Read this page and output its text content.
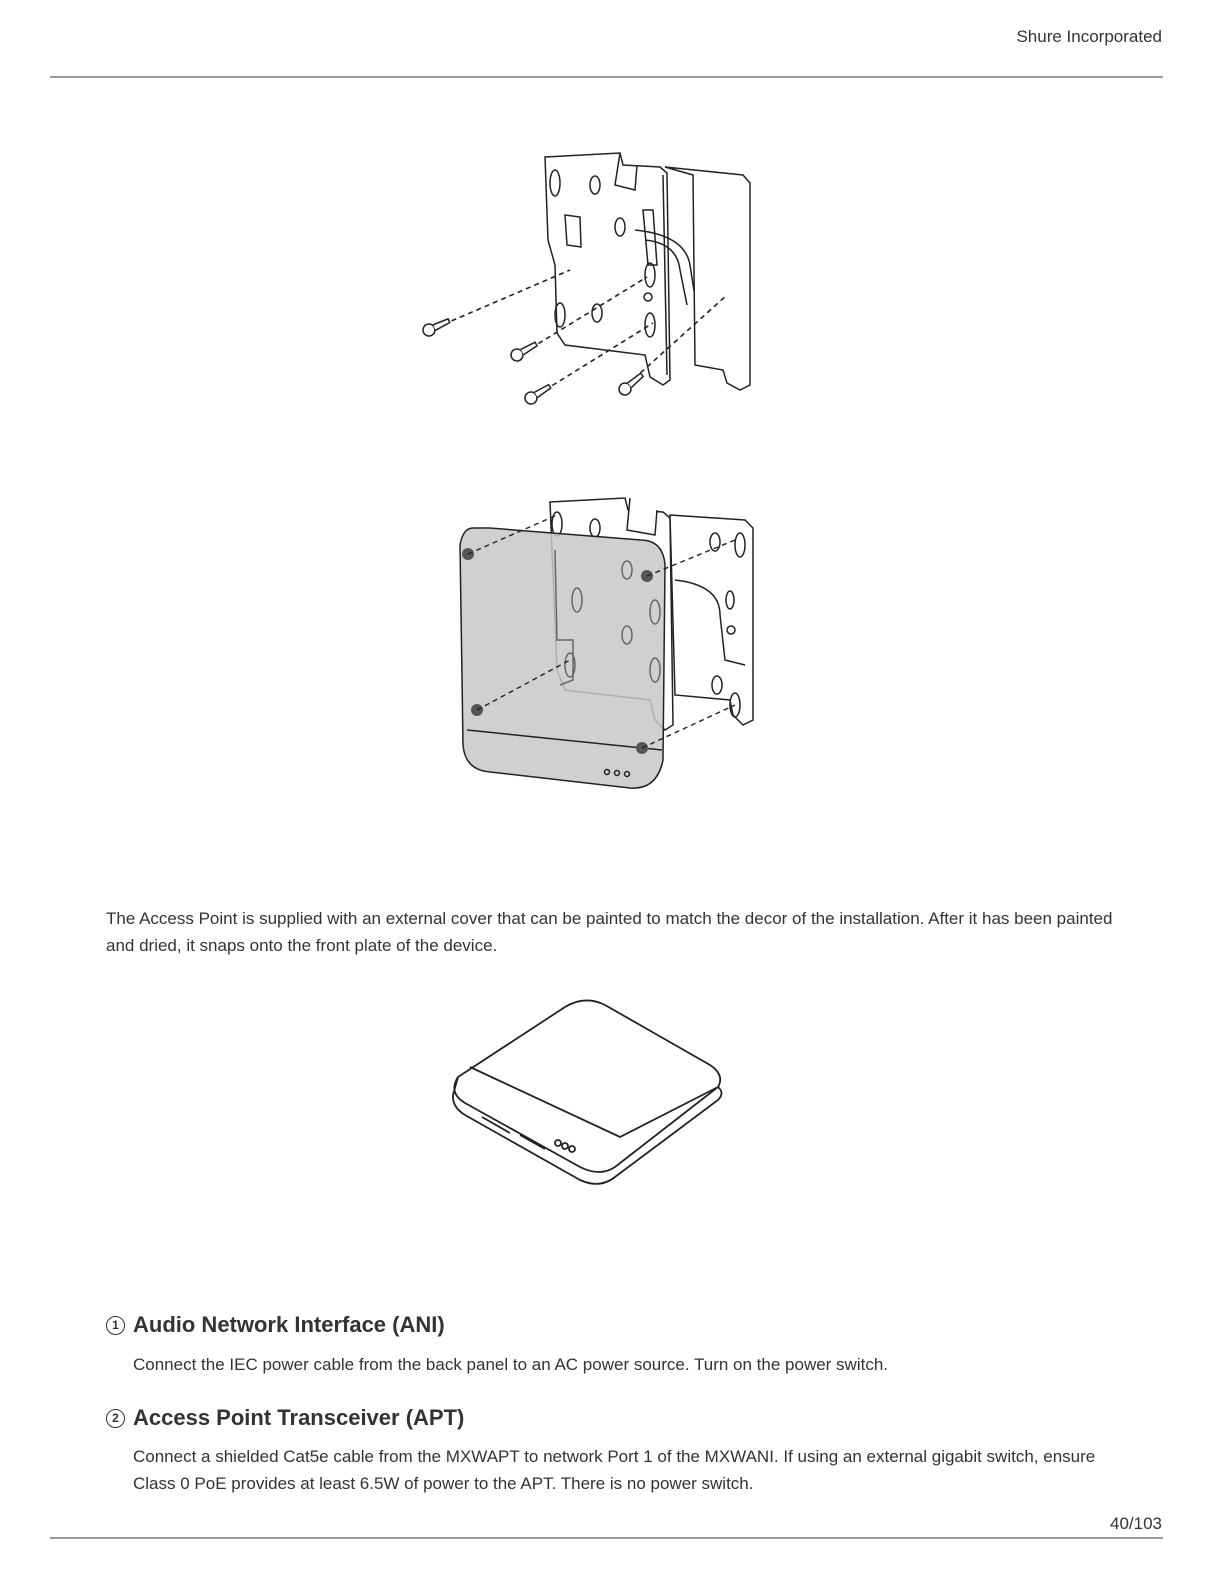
Shure Incorporated
The Access Point is supplied with an external cover that can be painted to match the decor of the installation. After it has been painted and dried, it snaps onto the front plate of the device.
1 Audio Network Interface (ANI)
Connect the IEC power cable from the back panel to an AC power source. Turn on the power switch.
2 Access Point Transceiver (APT)
Connect a shielded Cat5e cable from the MXWAPT to network Port 1 of the MXWANI. If using an external gigabit switch, ensure Class 0 PoE provides at least 6.5W of power to the APT. There is no power switch.
40/103
